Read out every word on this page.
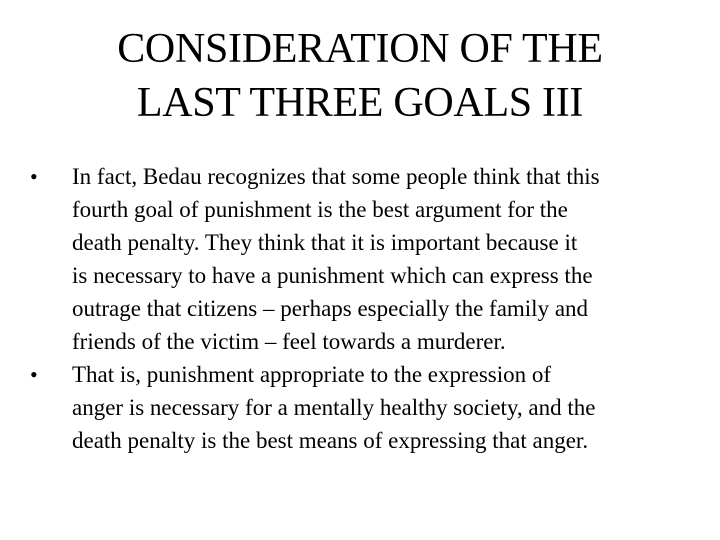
CONSIDERATION OF THE
LAST THREE GOALS III
•	In fact, Bedau recognizes that some people think that this
fourth goal of punishment is the best argument for the
death penalty. They think that it is important because it
is necessary to have a punishment which can express the
outrage that citizens – perhaps especially the family and
friends of the victim – feel towards a murderer.
•	That is, punishment appropriate to the expression of
anger is necessary for a mentally healthy society, and the
death penalty is the best means of expressing that anger.
